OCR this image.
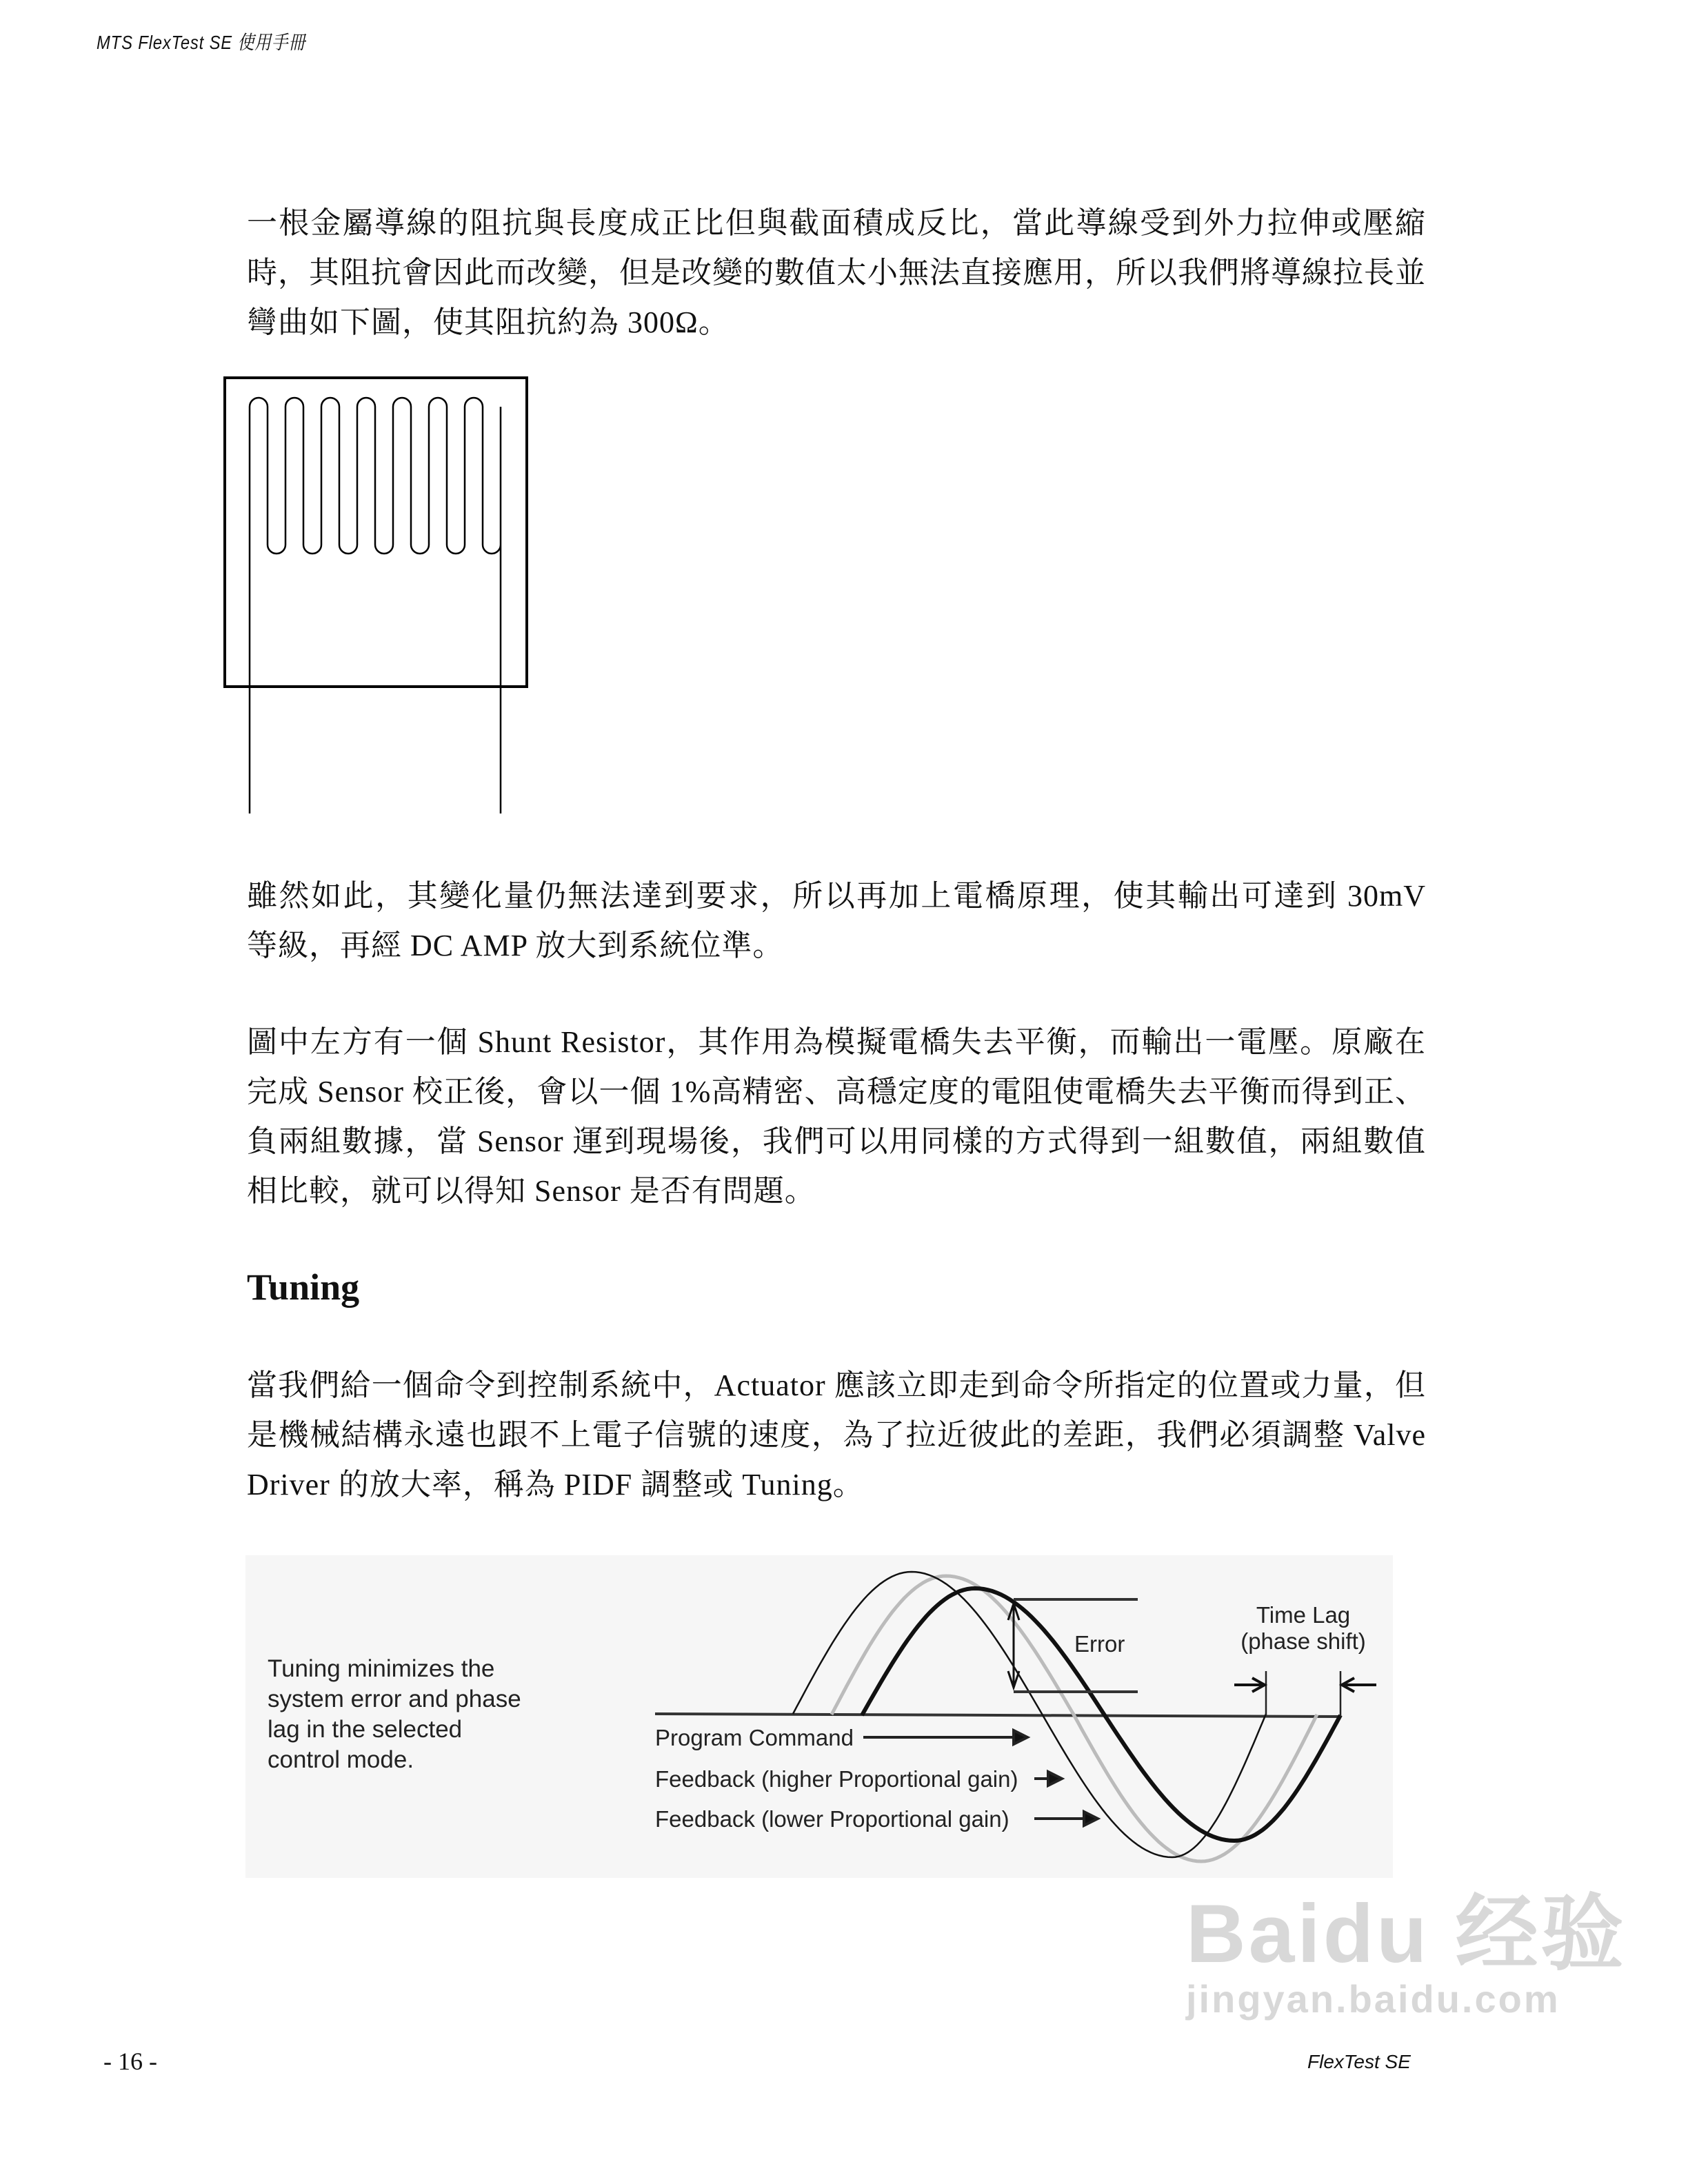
MTS FlexTest SE 使用手冊

一根金屬導線的阻抗與長度成正比但與截面積成反比，當此導線受到外力拉伸或壓縮時，其阻抗會因此而改變，但是改變的數值太小無法直接應用，所以我們將導線拉長並彎曲如下圖，使其阻抗約為 300Ω。

雖然如此，其變化量仍無法達到要求，所以再加上電橋原理，使其輸出可達到 30mV 等級，再經 DC AMP 放大到系統位準。

圖中左方有一個 Shunt Resistor，其作用為模擬電橋失去平衡，而輸出一電壓。原廠在完成 Sensor 校正後，會以一個 1%高精密、高穩定度的電阻使電橋失去平衡而得到正、負兩組數據，當 Sensor 運到現場後，我們可以用同樣的方式得到一組數值，兩組數值相比較，就可以得知 Sensor 是否有問題。

Tuning

當我們給一個命令到控制系統中，Actuator 應該立即走到命令所指定的位置或力量，但是機械結構永遠也跟不上電子信號的速度，為了拉近彼此的差距，我們必須調整 Valve Driver 的放大率，稱為 PIDF 調整或 Tuning。

Tuning minimizes the
system error and phase
lag in the selected
control mode.
Error
Time Lag
(phase shift)
Program Command
Feedback (higher Proportional gain)
Feedback (lower Proportional gain)
Baidu 经验
jingyan.baidu.com
- 16 -	FlexTest SE
